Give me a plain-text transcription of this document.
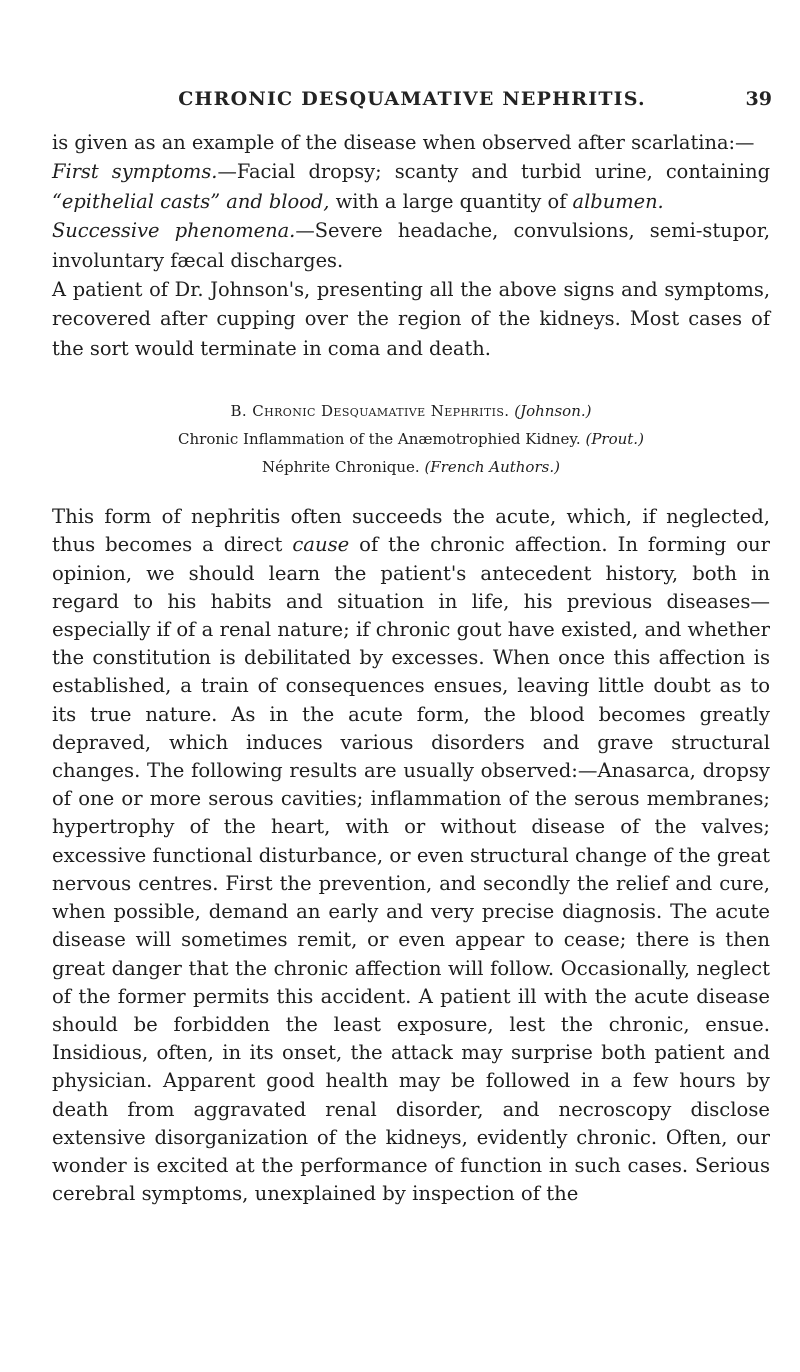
CHRONIC DESQUAMATIVE NEPHRITIS.	39

is given as an example of the disease when observed after scarlatina:—

First symptoms.—Facial dropsy; scanty and turbid urine, containing “epithelial casts” and blood, with a large quantity of albumen.

Successive phenomena.—Severe headache, convulsions, semi-stupor, involuntary fæcal discharges.

A patient of Dr. Johnson's, presenting all the above signs and symptoms, recovered after cupping over the region of the kidneys. Most cases of the sort would terminate in coma and death.

B. Chronic Desquamative Nephritis. (Johnson.)
Chronic Inflammation of the Anæmotrophied Kidney. (Prout.)
Néphrite Chronique. (French Authors.)

This form of nephritis often succeeds the acute, which, if neglected, thus becomes a direct cause of the chronic affection. In forming our opinion, we should learn the patient's antecedent history, both in regard to his habits and situation in life, his previous diseases—especially if of a renal nature; if chronic gout have existed, and whether the constitution is debilitated by excesses. When once this affection is established, a train of consequences ensues, leaving little doubt as to its true nature. As in the acute form, the blood becomes greatly depraved, which induces various disorders and grave structural changes. The following results are usually observed:—Anasarca, dropsy of one or more serous cavities; inflammation of the serous membranes; hypertrophy of the heart, with or without disease of the valves; excessive functional disturbance, or even structural change of the great nervous centres. First the prevention, and secondly the relief and cure, when possible, demand an early and very precise diagnosis. The acute disease will sometimes remit, or even appear to cease; there is then great danger that the chronic affection will follow. Occasionally, neglect of the former permits this accident. A patient ill with the acute disease should be forbidden the least exposure, lest the chronic, ensue. Insidious, often, in its onset, the attack may surprise both patient and physician. Apparent good health may be followed in a few hours by death from aggravated renal disorder, and necroscopy disclose extensive disorganization of the kidneys, evidently chronic. Often, our wonder is excited at the performance of function in such cases. Serious cerebral symptoms, unexplained by inspection of the
